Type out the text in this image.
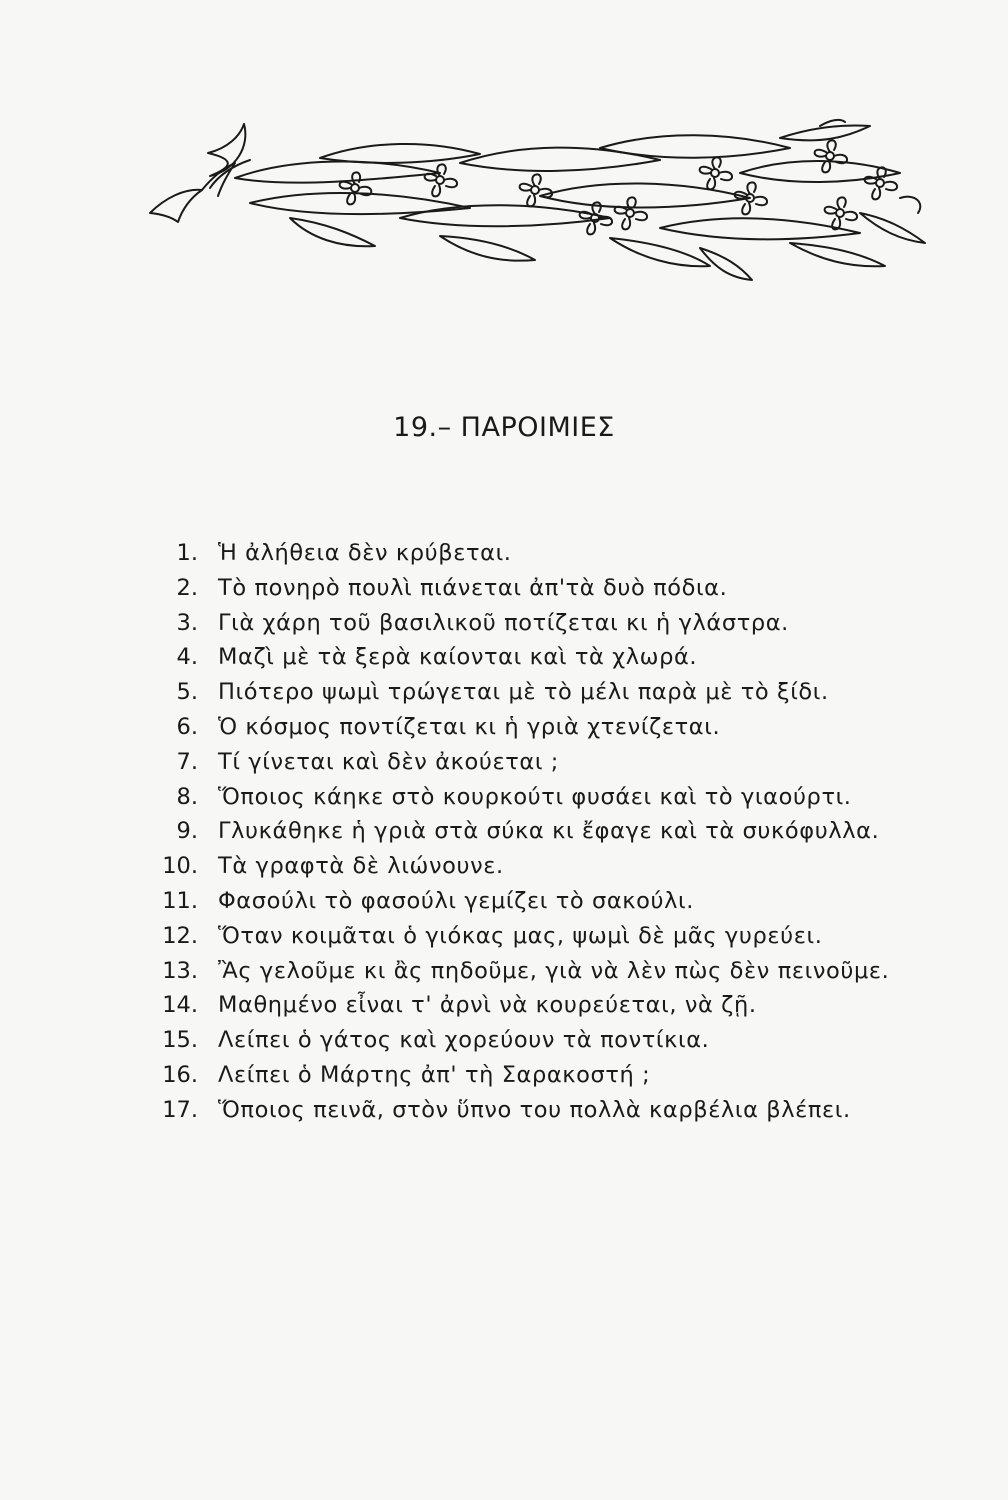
19.– ΠΑΡΟΙΜΙΕΣ
1. Ἡ ἀλήθεια δὲν κρύβεται.
2. Τὸ πονηρὸ πουλὶ πιάνεται ἀπ'τὰ δυὸ πόδια.
3. Γιὰ χάρη τοῦ βασιλικοῦ ποτίζεται κι ἡ γλάστρα.
4. Μαζὶ μὲ τὰ ξερὰ καίονται καὶ τὰ χλωρά.
5. Πιότερο ψωμὶ τρώγεται μὲ τὸ μέλι παρὰ μὲ τὸ ξίδι.
6. Ὁ κόσμος ποντίζεται κι ἡ γριὰ χτενίζεται.
7. Τί γίνεται καὶ δὲν ἀκούεται ;
8. Ὅποιος κάηκε στὸ κουρκούτι φυσάει καὶ τὸ γιαούρτι.
9. Γλυκάθηκε ἡ γριὰ στὰ σύκα κι ἔφαγε καὶ τὰ συκόφυλλα.
10. Τὰ γραφτὰ δὲ λιώνουνε.
11. Φασούλι τὸ φασούλι γεμίζει τὸ σακούλι.
12. Ὅταν κοιμᾶται ὁ γιόκας μας, ψωμὶ δὲ μᾶς γυρεύει.
13. Ἂς γελοῦμε κι ἂς πηδοῦμε, γιὰ νὰ λὲν πὼς δὲν πεινοῦμε.
14. Μαθημένο εἶναι τ' ἀρνὶ νὰ κουρεύεται, νὰ ζῇ.
15. Λείπει ὁ γάτος καὶ χορεύουν τὰ ποντίκια.
16. Λείπει ὁ Μάρτης ἀπ' τὴ Σαρακοστή ;
17. Ὅποιος πεινᾶ, στὸν ὕπνο του πολλὰ καρβέλια βλέπει.
